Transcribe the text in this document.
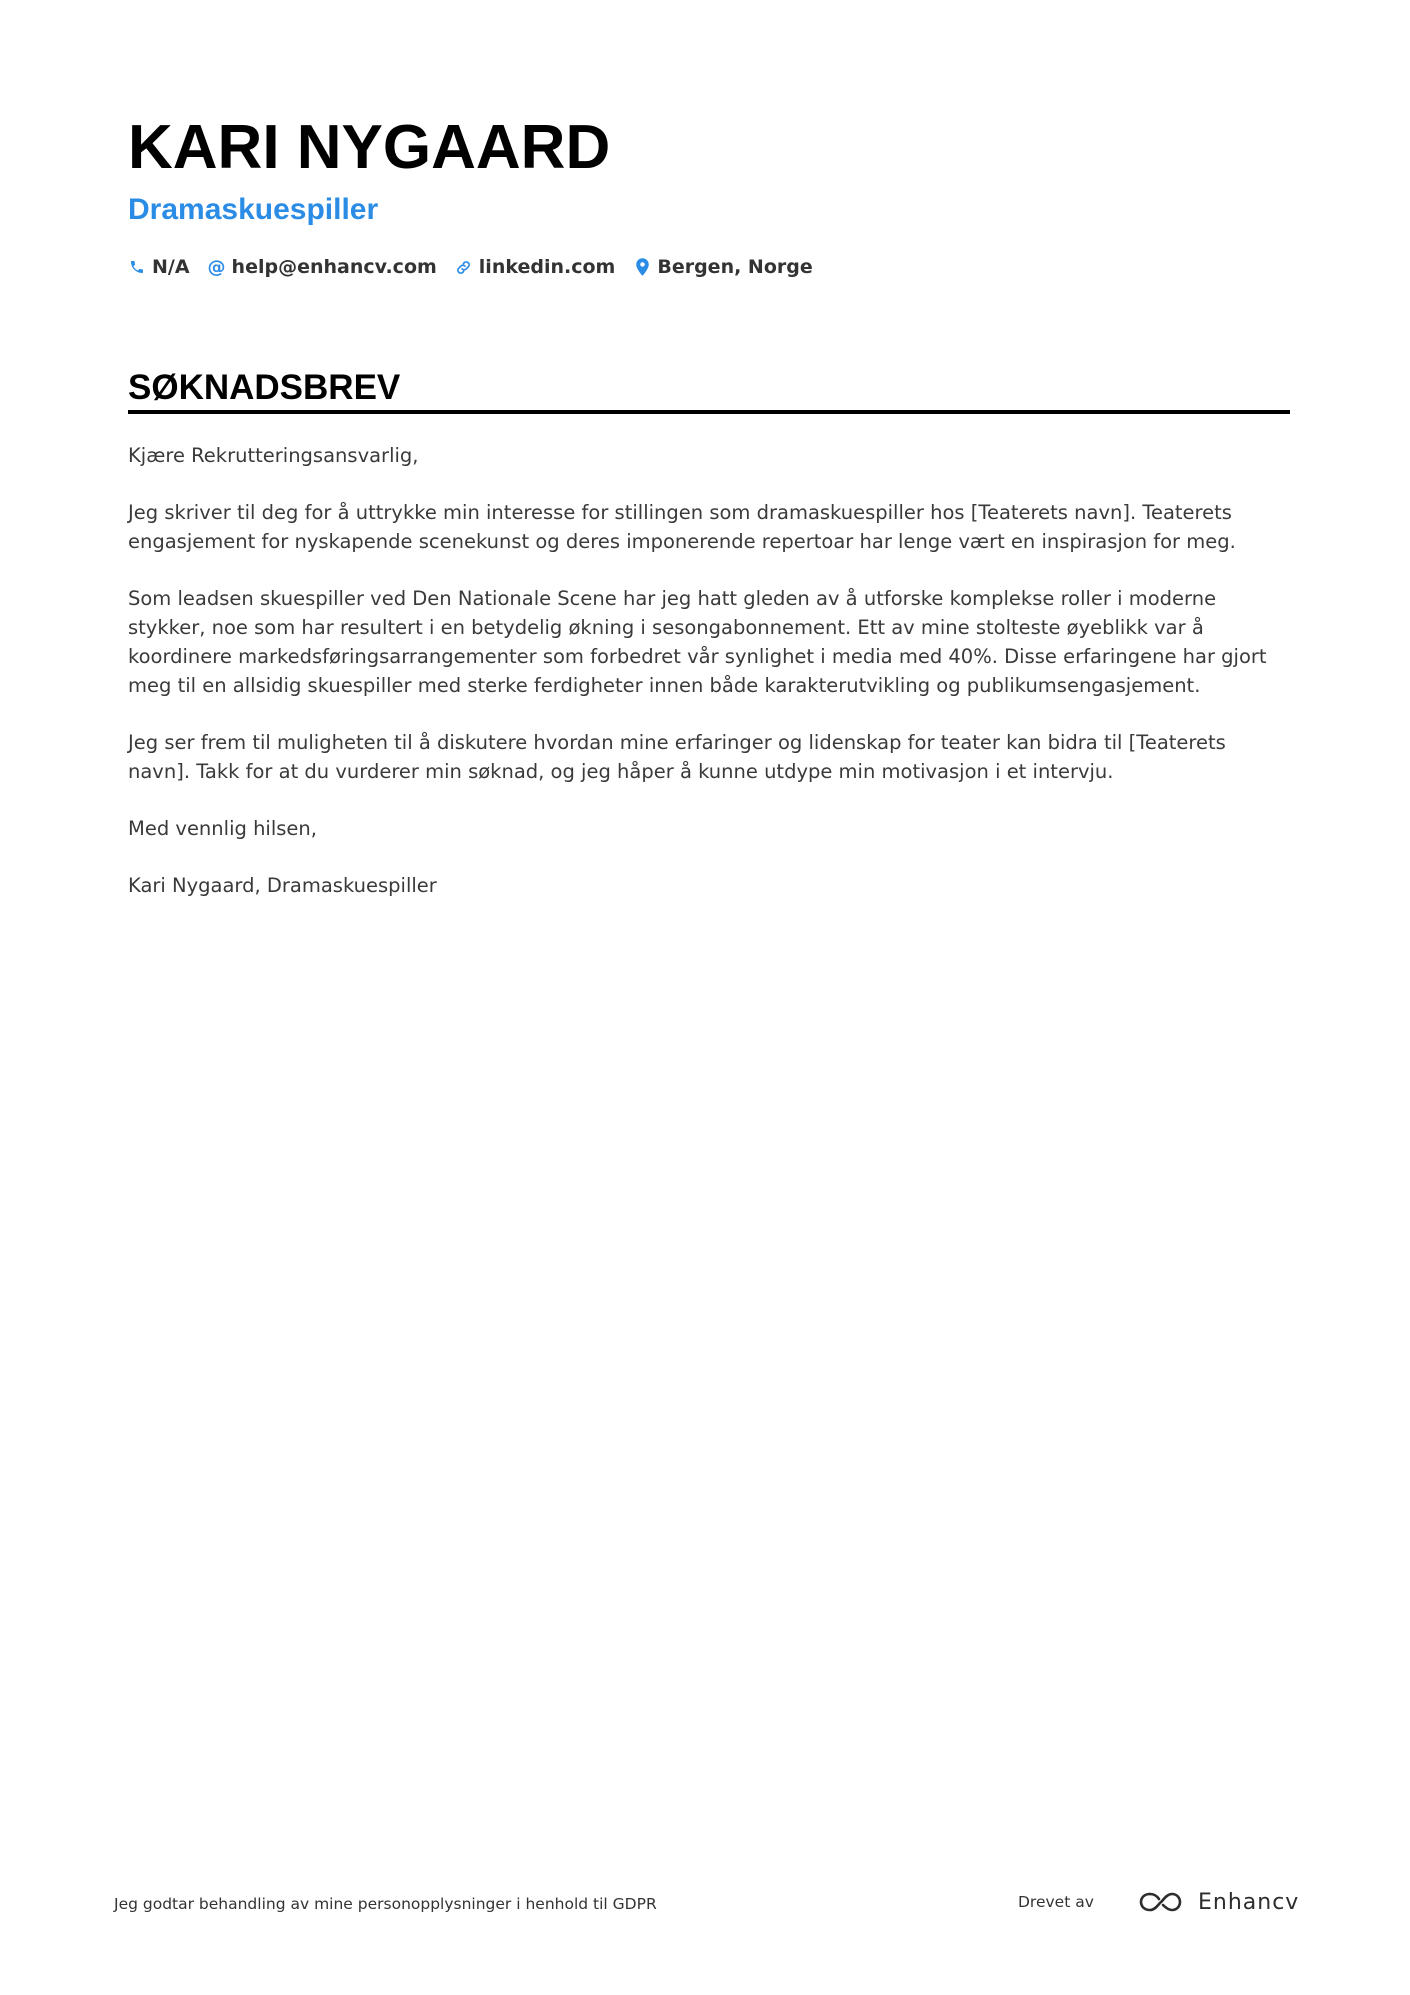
KARI NYGAARD
Dramaskuespiller
N/A @ help@enhancv.com linkedin.com Bergen, Norge
SØKNADSBREV

Kjære Rekrutteringsansvarlig,

Jeg skriver til deg for å uttrykke min interesse for stillingen som dramaskuespiller hos [Teaterets navn]. Teaterets engasjement for nyskapende scenekunst og deres imponerende repertoar har lenge vært en inspirasjon for meg.

Som leadsen skuespiller ved Den Nationale Scene har jeg hatt gleden av å utforske komplekse roller i moderne stykker, noe som har resultert i en betydelig økning i sesongabonnement. Ett av mine stolteste øyeblikk var å koordinere markedsføringsarrangementer som forbedret vår synlighet i media med 40%. Disse erfaringene har gjort meg til en allsidig skuespiller med sterke ferdigheter innen både karakterutvikling og publikumsengasjement.

Jeg ser frem til muligheten til å diskutere hvordan mine erfaringer og lidenskap for teater kan bidra til [Teaterets navn]. Takk for at du vurderer min søknad, og jeg håper å kunne utdype min motivasjon i et intervju.

Med vennlig hilsen,

Kari Nygaard, Dramaskuespiller

Jeg godtar behandling av mine personopplysninger i henhold til GDPR	Drevet av	Enhancv
